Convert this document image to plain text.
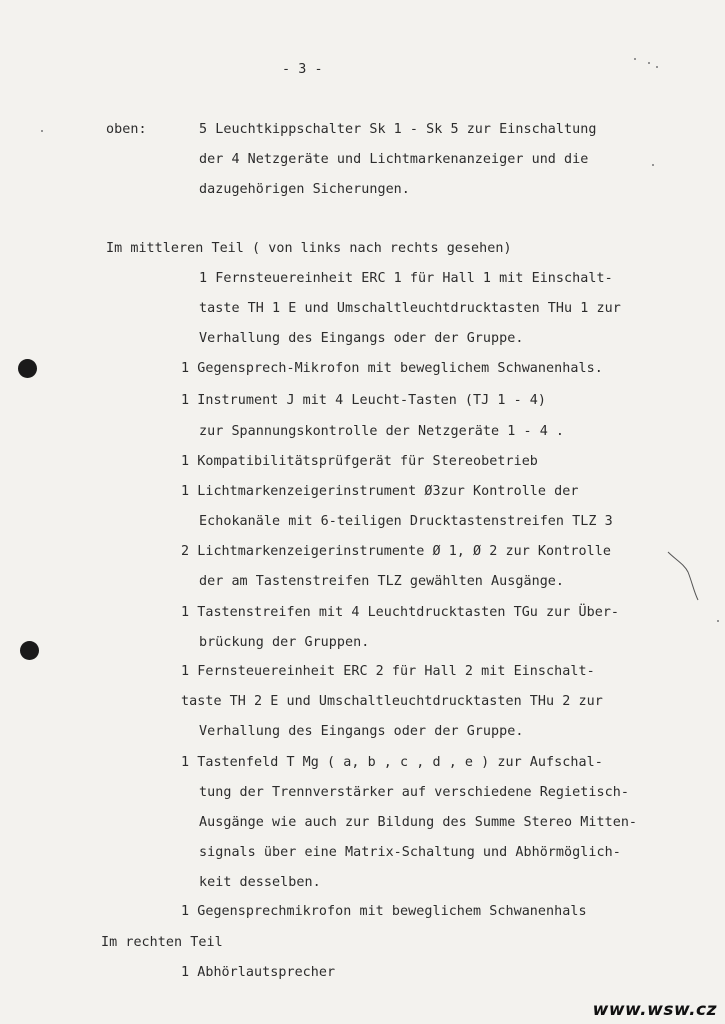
- 3 -
oben:	5 Leuchtkippschalter Sk 1 - Sk 5 zur Einschaltung
der 4 Netzgeräte und Lichtmarkenanzeiger und die
dazugehörigen Sicherungen.
Im mittleren Teil ( von links nach rechts gesehen)
1 Fernsteuereinheit ERC 1 für Hall 1 mit Einschalt-
taste TH 1 E und Umschaltleuchtdrucktasten THu 1 zur
Verhallung des Eingangs oder der Gruppe.
1 Gegensprech-Mikrofon mit beweglichem Schwanenhals.
1 Instrument J mit 4 Leucht-Tasten (TJ 1 - 4)
zur Spannungskontrolle der Netzgeräte 1 - 4 .
1 Kompatibilitätsprüfgerät für Stereobetrieb
1 Lichtmarkenzeigerinstrument Ø3zur Kontrolle der
Echokanäle mit 6-teiligen Drucktastenstreifen TLZ 3
2 Lichtmarkenzeigerinstrumente Ø 1, Ø 2 zur Kontrolle
der am Tastenstreifen TLZ gewählten Ausgänge.
1 Tastenstreifen mit 4 Leuchtdrucktasten TGu zur Über-
brückung der Gruppen.
1 Fernsteuereinheit ERC 2 für Hall 2 mit Einschalt-
taste TH 2 E und Umschaltleuchtdrucktasten THu 2 zur
Verhallung des Eingangs oder der Gruppe.
1 Tastenfeld T Mg ( a, b , c , d , e ) zur Aufschal-
tung der Trennverstärker auf verschiedene Regietisch-
Ausgänge wie auch zur Bildung des Summe Stereo Mitten-
signals über eine Matrix-Schaltung und Abhörmöglich-
keit desselben.
1 Gegensprechmikrofon mit beweglichem Schwanenhals
Im rechten Teil
1 Abhörlautsprecher
www.wsw.cz
